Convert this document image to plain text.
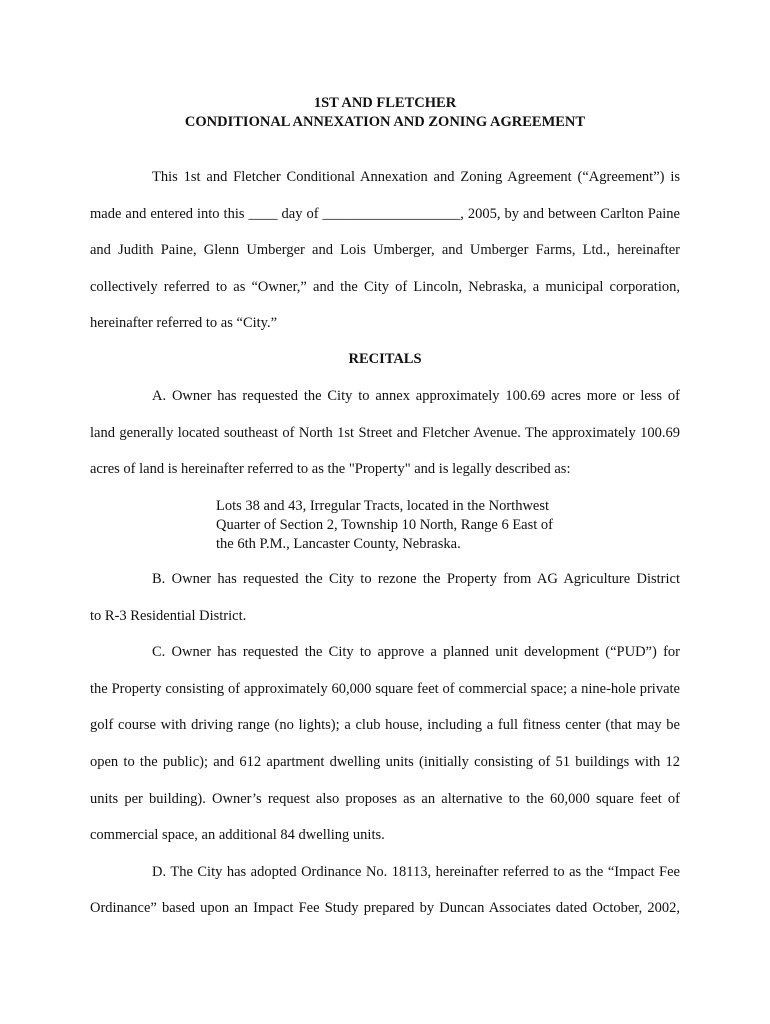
1ST AND FLETCHER
CONDITIONAL ANNEXATION AND ZONING AGREEMENT
This 1st and Fletcher Conditional Annexation and Zoning Agreement (“Agreement”) is
made and entered into this ____ day of ___________________, 2005, by and between Carlton Paine
and Judith Paine, Glenn Umberger and Lois Umberger, and Umberger Farms, Ltd., hereinafter
collectively referred to as “Owner,” and the City of Lincoln, Nebraska, a municipal corporation,
hereinafter referred to as “City.”
RECITALS
A. Owner has requested the City to annex approximately 100.69 acres more or less of
land generally located southeast of North 1st Street and Fletcher Avenue. The approximately 100.69
acres of land is hereinafter referred to as the "Property" and is legally described as:
Lots 38 and 43, Irregular Tracts, located in the Northwest
Quarter of Section 2, Township 10 North, Range 6 East of
the 6th P.M., Lancaster County, Nebraska.
B. Owner has requested the City to rezone the Property from AG Agriculture District
to R-3 Residential District.
C. Owner has requested the City to approve a planned unit development (“PUD”) for
the Property consisting of approximately 60,000 square feet of commercial space; a nine-hole private
golf course with driving range (no lights); a club house, including a full fitness center (that may be
open to the public); and 612 apartment dwelling units (initially consisting of 51 buildings with 12
units per building). Owner’s request also proposes as an alternative to the 60,000 square feet of
commercial space, an additional 84 dwelling units.
D. The City has adopted Ordinance No. 18113, hereinafter referred to as the “Impact Fee
Ordinance” based upon an Impact Fee Study prepared by Duncan Associates dated October, 2002,
